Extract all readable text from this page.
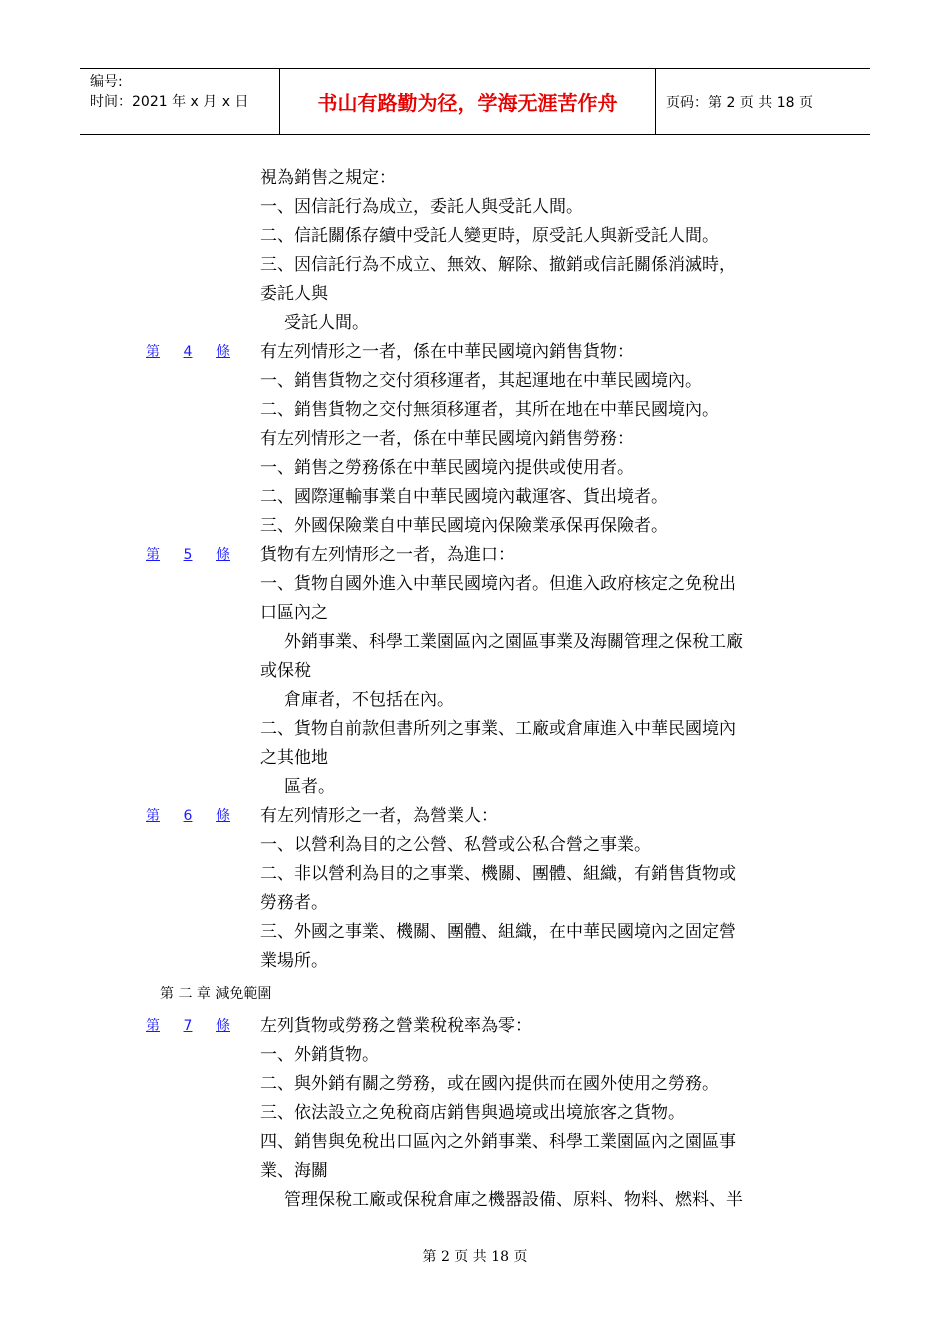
编号:
时间：2021 年 x 月 x 日	书山有路勤为径，学海无涯苦作舟	页码：第 2 页 共 18 页
視為銷售之規定：
一、因信託行為成立，委託人與受託人間。
二、信託關係存續中受託人變更時，原受託人與新受託人間。
三、因信託行為不成立、無效、解除、撤銷或信託關係消滅時，
委託人與
受託人間。
第 4 條 有左列情形之一者，係在中華民國境內銷售貨物：
一、銷售貨物之交付須移運者，其起運地在中華民國境內。
二、銷售貨物之交付無須移運者，其所在地在中華民國境內。
有左列情形之一者，係在中華民國境內銷售勞務：
一、銷售之勞務係在中華民國境內提供或使用者。
二、國際運輸事業自中華民國境內載運客、貨出境者。
三、外國保險業自中華民國境內保險業承保再保險者。
第 5 條 貨物有左列情形之一者，為進口：
一、貨物自國外進入中華民國境內者。但進入政府核定之免稅出
口區內之
外銷事業、科學工業園區內之園區事業及海關管理之保稅工廠
或保稅
倉庫者，不包括在內。
二、貨物自前款但書所列之事業、工廠或倉庫進入中華民國境內
之其他地
區者。
第 6 條 有左列情形之一者，為營業人：
一、以營利為目的之公營、私營或公私合營之事業。
二、非以營利為目的之事業、機關、團體、組織，有銷售貨物或
勞務者。
三、外國之事業、機關、團體、組織，在中華民國境內之固定營
業場所。
第 二 章 減免範圍
第 7 條 左列貨物或勞務之營業稅稅率為零：
一、外銷貨物。
二、與外銷有關之勞務，或在國內提供而在國外使用之勞務。
三、依法設立之免稅商店銷售與過境或出境旅客之貨物。
四、銷售與免稅出口區內之外銷事業、科學工業園區內之園區事
業、海關
管理保稅工廠或保稅倉庫之機器設備、原料、物料、燃料、半
第 2 页 共 18 页
